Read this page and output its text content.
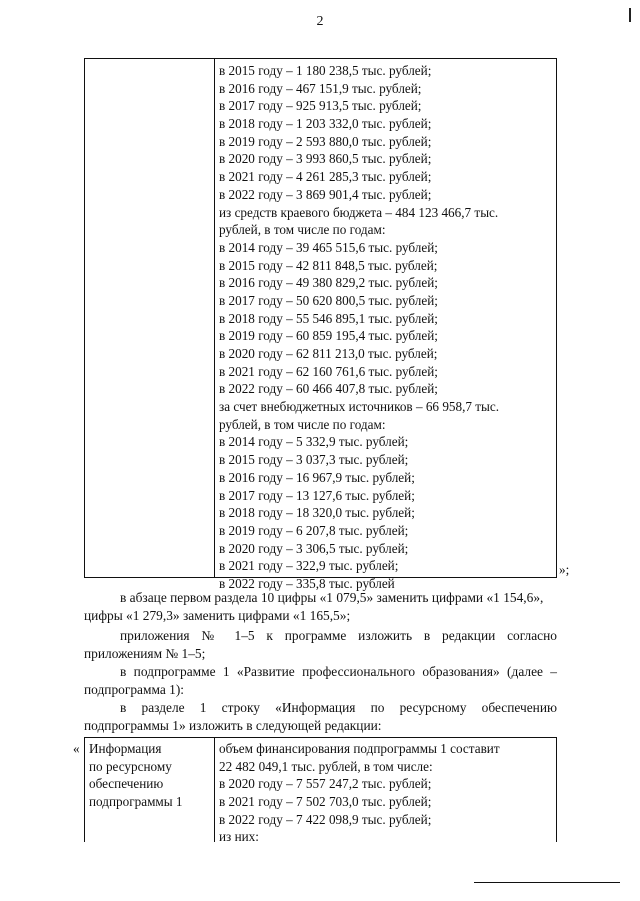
2
в 2015 году – 1 180 238,5 тыс. рублей;
в 2016 году – 467 151,9 тыс. рублей;
в 2017 году – 925 913,5 тыс. рублей;
в 2018 году – 1 203 332,0 тыс. рублей;
в 2019 году – 2 593 880,0 тыс. рублей;
в 2020 году – 3 993 860,5 тыс. рублей;
в 2021 году – 4 261 285,3 тыс. рублей;
в 2022 году – 3 869 901,4 тыс. рублей;
из средств краевого бюджета – 484 123 466,7 тыс.
рублей, в том числе по годам:
в 2014 году – 39 465 515,6 тыс. рублей;
в 2015 году – 42 811 848,5 тыс. рублей;
в 2016 году – 49 380 829,2 тыс. рублей;
в 2017 году – 50 620 800,5 тыс. рублей;
в 2018 году – 55 546 895,1 тыс. рублей;
в 2019 году – 60 859 195,4 тыс. рублей;
в 2020 году – 62 811 213,0 тыс. рублей;
в 2021 году – 62 160 761,6 тыс. рублей;
в 2022 году – 60 466 407,8 тыс. рублей;
за счет внебюджетных источников – 66 958,7 тыс.
рублей, в том числе по годам:
в 2014 году – 5 332,9 тыс. рублей;
в 2015 году – 3 037,3 тыс. рублей;
в 2016 году – 16 967,9 тыс. рублей;
в 2017 году – 13 127,6 тыс. рублей;
в 2018 году – 18 320,0 тыс. рублей;
в 2019 году – 6 207,8 тыс. рублей;
в 2020 году – 3 306,5 тыс. рублей;
в 2021 году – 322,9 тыс. рублей;
в 2022 году – 335,8 тыс. рублей
»;
в абзаце первом раздела 10 цифры «1 079,5» заменить цифрами «1 154,6»,
цифры «1 279,3» заменить цифрами «1 165,5»;
приложения № 1–5 к программе изложить в редакции согласно
приложениям № 1–5;
в подпрограмме 1 «Развитие профессионального образования» (далее –
подпрограмма 1):
в разделе 1 строку «Информация по ресурсному обеспечению
подпрограммы 1» изложить в следующей редакции:
« Информация
по ресурсному
обеспечению
подпрограммы 1
объем финансирования подпрограммы 1 составит
22 482 049,1 тыс. рублей, в том числе:
в 2020 году – 7 557 247,2 тыс. рублей;
в 2021 году – 7 502 703,0 тыс. рублей;
в 2022 году – 7 422 098,9 тыс. рублей;
из них:
